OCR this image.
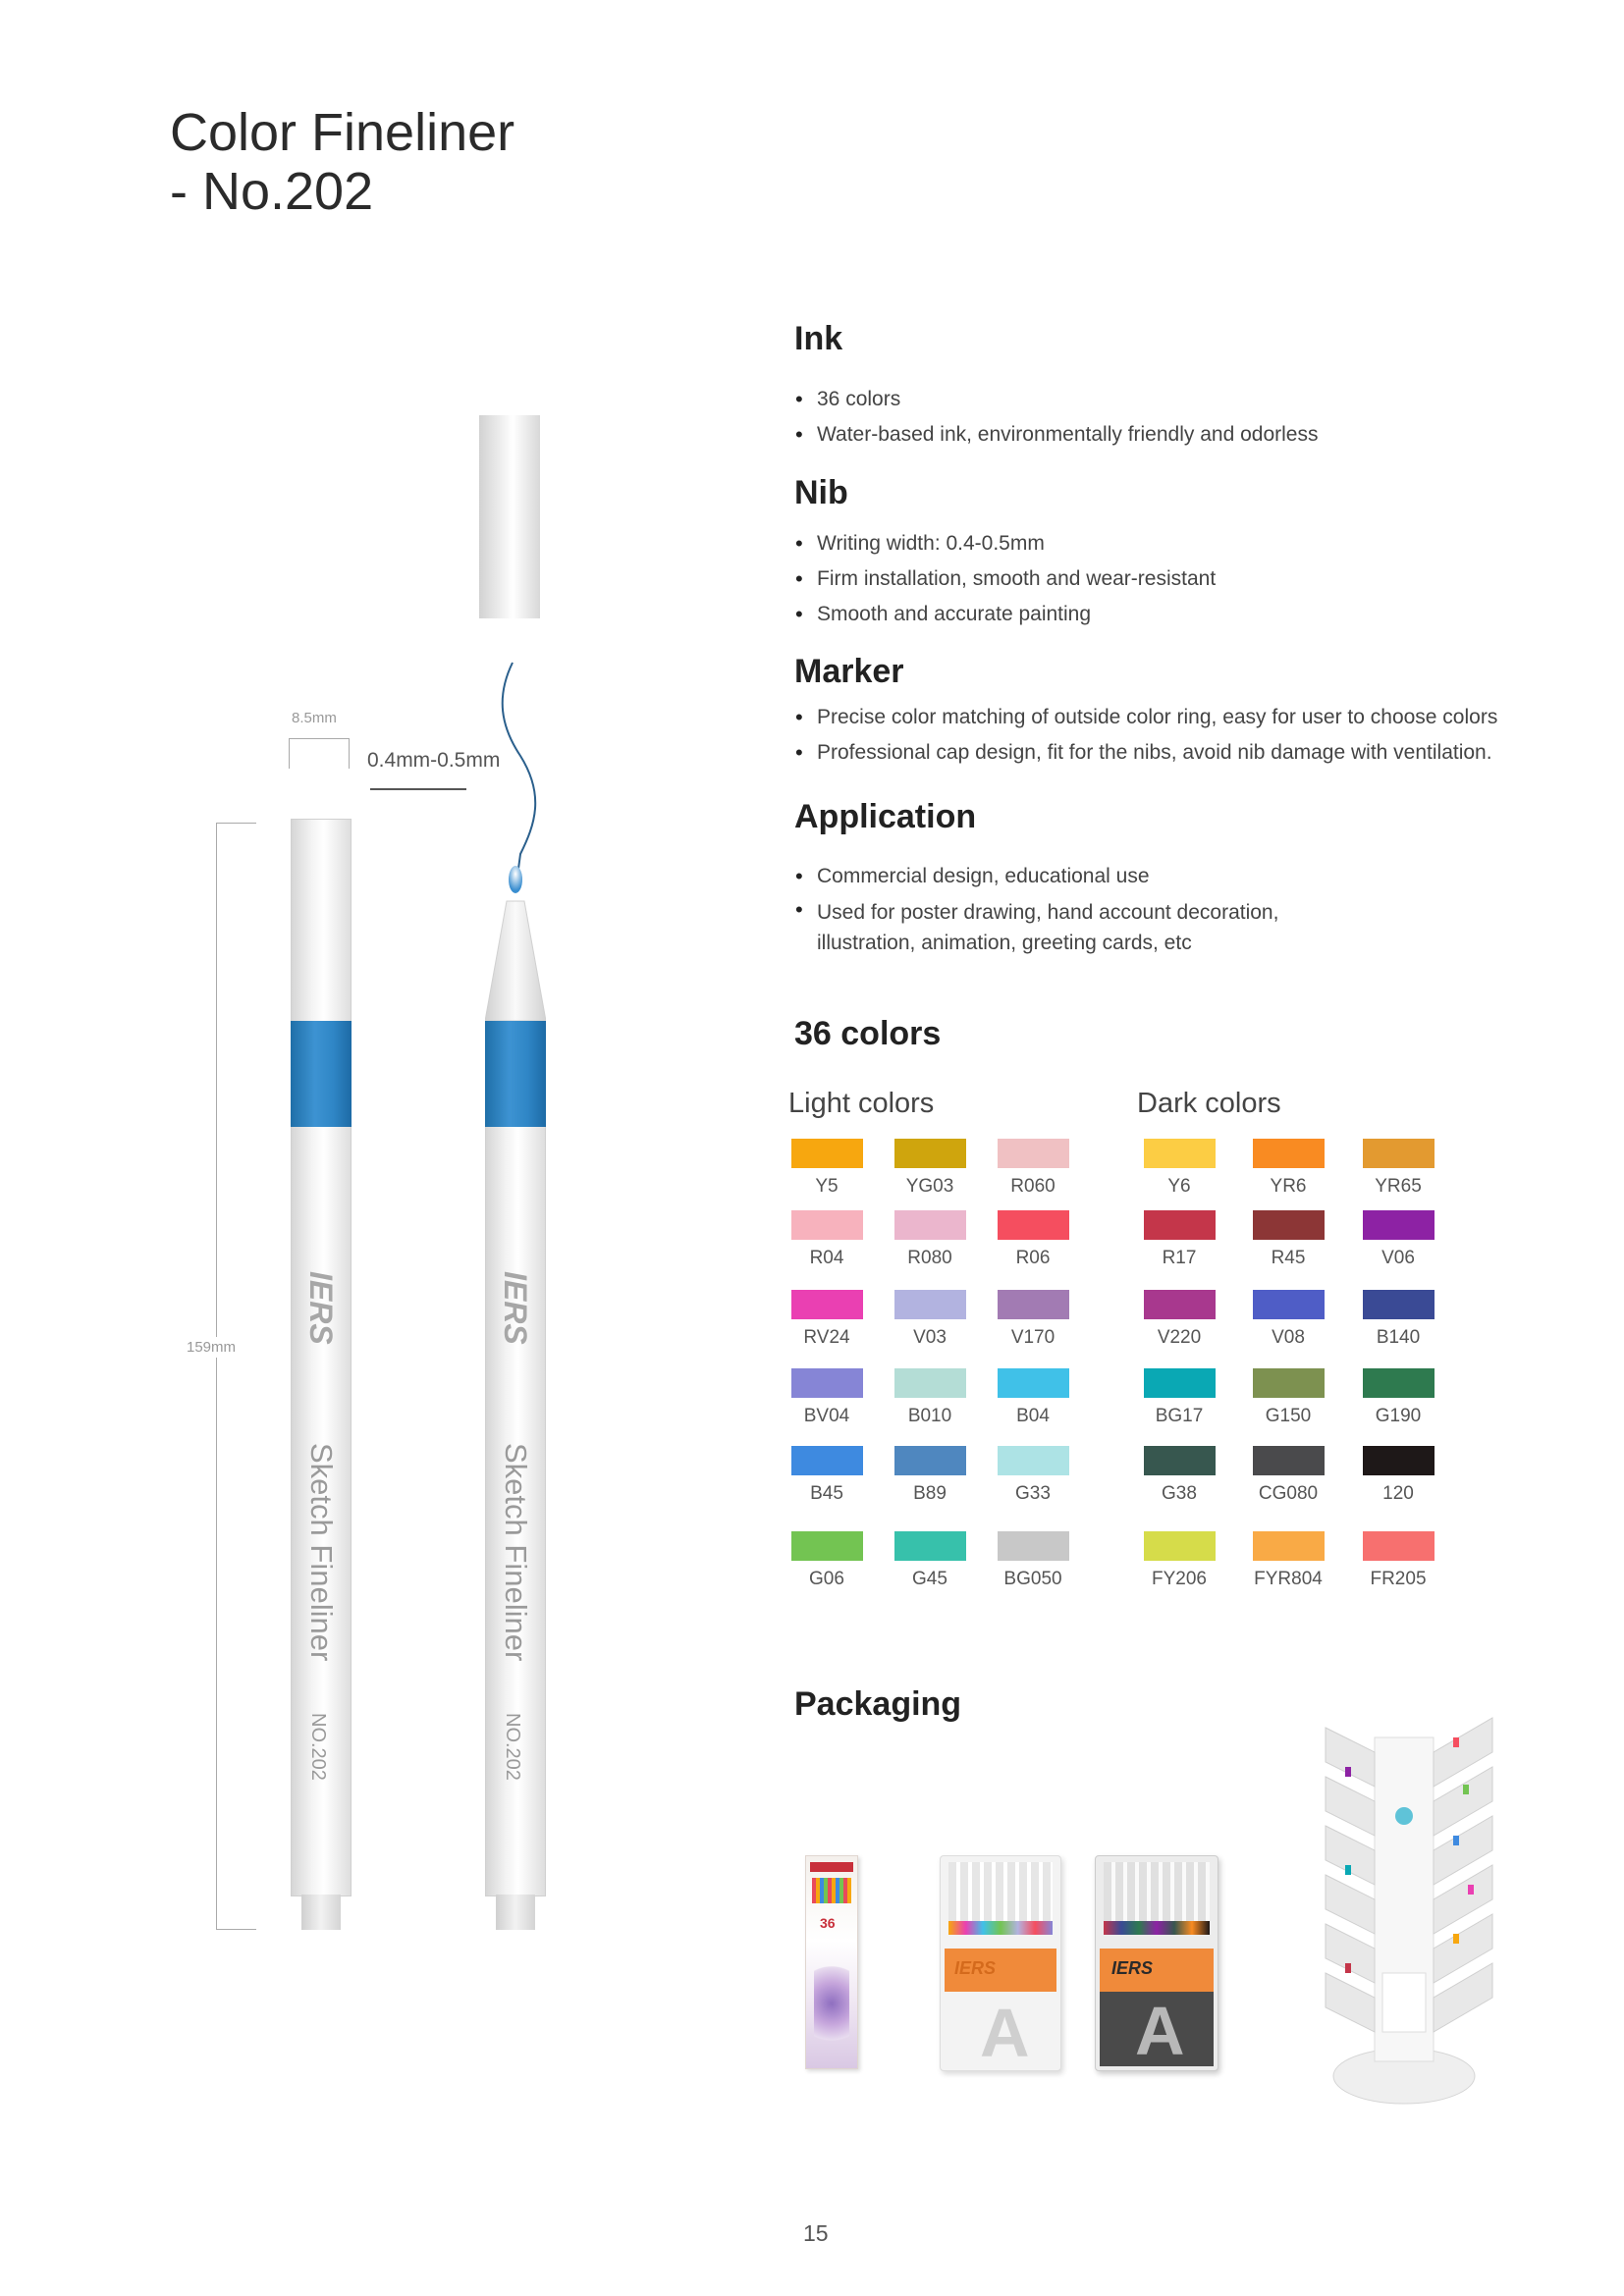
Color Fineliner
- No.202
8.5mm
0.4mm-0.5mm
159mm
IERS
Sketch Fineliner
NO.202
IERS
Sketch Fineliner
NO.202
Ink
• 36 colors
• Water-based ink, environmentally friendly and odorless
Nib
• Writing width: 0.4-0.5mm
• Firm installation, smooth and wear-resistant
• Smooth and accurate painting
Marker
• Precise color matching of outside color ring, easy for user to choose colors
• Professional cap design, fit for the nibs, avoid nib damage with ventilation.
Application
• Commercial design, educational use
• Used for poster drawing, hand account decoration, illustration, animation, greeting cards, etc
36 colors
Light colors	Dark colors
Y5	YG03	R060
R04	R080	R06
RV24	V03	V170
BV04	B010	B04
B45	B89	G33
G06	G45	BG050
Y6	YR6	YR65
R17	R45	V06
V220	V08	B140
BG17	G150	G190
G38	CG080	120
FY206	FYR804	FR205
Packaging
36
IERS
A
IERS
A
15
